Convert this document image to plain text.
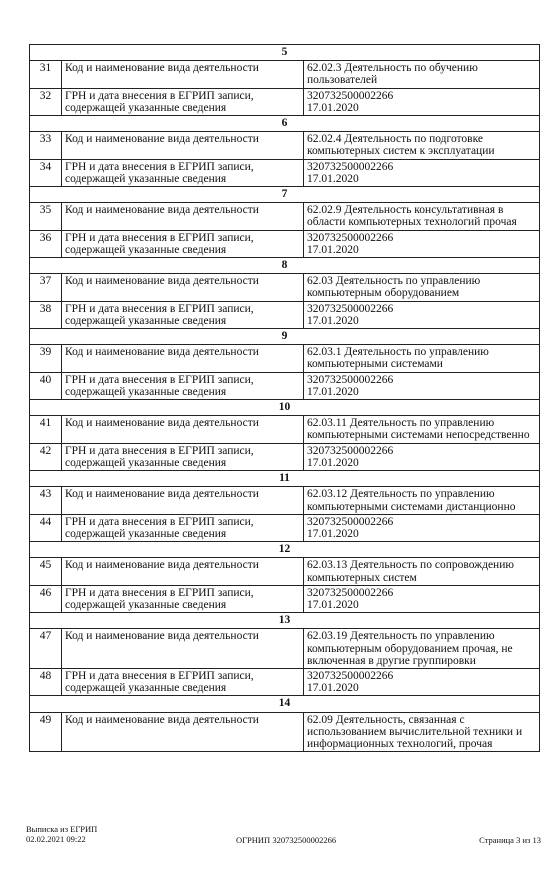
5		
31	Код и наименование вида деятельности	62.02.3 Деятельность по обучению пользователей
32	ГРН и дата внесения в ЕГРИП записи, содержащей указанные сведения	320732500002266
17.01.2020
6		
33	Код и наименование вида деятельности	62.02.4 Деятельность по подготовке компьютерных систем к эксплуатации
34	ГРН и дата внесения в ЕГРИП записи, содержащей указанные сведения	320732500002266
17.01.2020
7		
35	Код и наименование вида деятельности	62.02.9 Деятельность консультативная в области компьютерных технологий прочая
36	ГРН и дата внесения в ЕГРИП записи, содержащей указанные сведения	320732500002266
17.01.2020
8		
37	Код и наименование вида деятельности	62.03 Деятельность по управлению компьютерным оборудованием
38	ГРН и дата внесения в ЕГРИП записи, содержащей указанные сведения	320732500002266
17.01.2020
9		
39	Код и наименование вида деятельности	62.03.1 Деятельность по управлению компьютерными системами
40	ГРН и дата внесения в ЕГРИП записи, содержащей указанные сведения	320732500002266
17.01.2020
10		
41	Код и наименование вида деятельности	62.03.11 Деятельность по управлению компьютерными системами непосредственно
42	ГРН и дата внесения в ЕГРИП записи, содержащей указанные сведения	320732500002266
17.01.2020
11		
43	Код и наименование вида деятельности	62.03.12 Деятельность по управлению компьютерными системами дистанционно
44	ГРН и дата внесения в ЕГРИП записи, содержащей указанные сведения	320732500002266
17.01.2020
12		
45	Код и наименование вида деятельности	62.03.13 Деятельность по сопровождению компьютерных систем
46	ГРН и дата внесения в ЕГРИП записи, содержащей указанные сведения	320732500002266
17.01.2020
13		
47	Код и наименование вида деятельности	62.03.19 Деятельность по управлению компьютерным оборудованием прочая, не включенная в другие группировки
48	ГРН и дата внесения в ЕГРИП записи, содержащей указанные сведения	320732500002266
17.01.2020
14		
49	Код и наименование вида деятельности	62.09 Деятельность, связанная с использованием вычислительной техники и информационных технологий, прочая
Выписка из ЕГРИП
02.02.2021 09:22	ОГРНИП 320732500002266	Страница 3 из 13
